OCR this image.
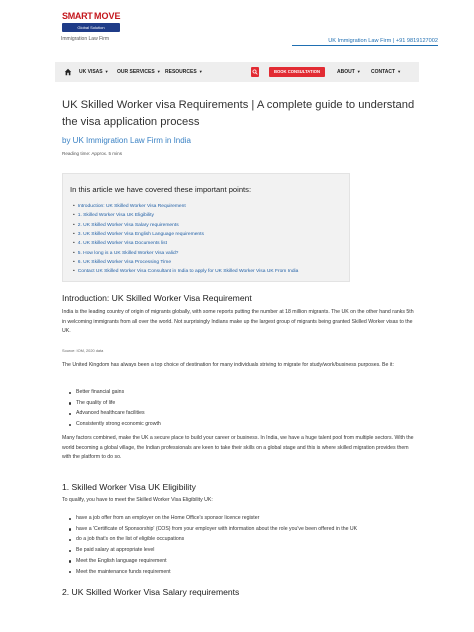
SMART MOVE
Global Solution
Immigration Law Firm	UK Immigration Law Firm | +91 9819127002
UK VISAS ▼ OUR SERVICES ▼ RESOURCES ▼	BOOK CONSULTATION	ABOUT ▼ CONTACT ▼
UK Skilled Worker visa Requirements | A complete guide to understand the visa application process
by UK Immigration Law Firm in India
Reading time: Approx. 5 mins
In this article we have covered these important points:
• Introduction: UK Skilled Worker Visa Requirement
• 1. Skilled Worker Visa UK Eligibility
• 2. UK Skilled Worker Visa Salary requirements
• 3. UK Skilled Worker Visa English Language requirements
• 4. UK Skilled Worker Visa Documents list
• 5. How long is a UK Skilled Worker Visa valid?
• 6. UK Skilled Worker Visa Processing Time
• Contact UK Skilled Worker Visa Consultant in India to apply for UK Skilled Worker Visa UK From India
Introduction: UK Skilled Worker Visa Requirement

India is the leading country of origin of migrants globally, with some reports putting the number at 18 million migrants. The UK on the other hand ranks 5th in welcoming immigrants from all over the world. Not surprisingly Indians make up the largest group of migrants being granted Skilled Worker visas to the UK.

Source: IOM, 2020 data

The United Kingdom has always been a top choice of destination for many individuals striving to migrate for study/work/business purposes. Be it:

Better financial gains
The quality of life
Advanced healthcare facilities
Consistently strong economic growth

Many factors combined, make the UK a secure place to build your career or business. In India, we have a huge talent pool from multiple sectors. With the world becoming a global village, the Indian professionals are keen to take their skills on a global stage and this is where skilled migration provides them with the platform to do so.

1. Skilled Worker Visa UK Eligibility

To qualify, you have to meet the Skilled Worker Visa Eligibility UK:

have a job offer from an employer on the Home Office's sponsor licence register
have a 'Certificate of Sponsorship' (COS) from your employer with information about the role you've been offered in the UK
do a job that's on the list of eligible occupations
Be paid salary at appropriate level
Meet the English language requirement
Meet the maintenance funds requirement
2. UK Skilled Worker Visa Salary requirements
